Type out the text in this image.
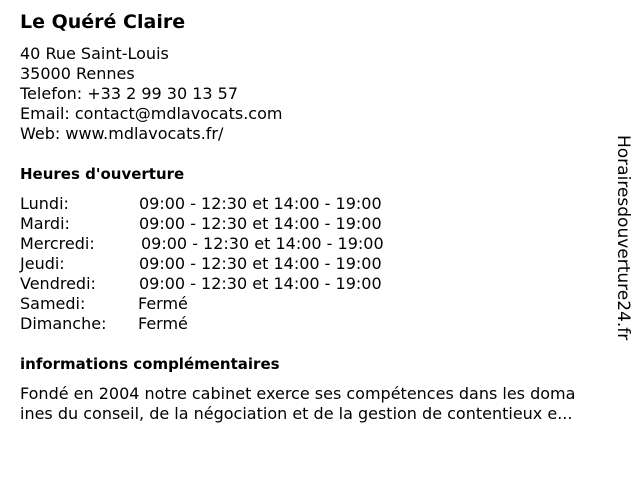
Le Quéré Claire
40 Rue Saint-Louis
35000 Rennes
Telefon: +33 2 99 30 13 57
Email: contact@mdlavocats.com
Web: www.mdlavocats.fr/
Heures d'ouverture
Lundi:	09:00 - 12:30 et 14:00 - 19:00
Mardi:	09:00 - 12:30 et 14:00 - 19:00
Mercredi:	09:00 - 12:30 et 14:00 - 19:00
Jeudi:	09:00 - 12:30 et 14:00 - 19:00
Vendredi:	09:00 - 12:30 et 14:00 - 19:00
Samedi:	Fermé
Dimanche: Fermé
informations complémentaires
Fondé en 2004 notre cabinet exerce ses compétences dans les doma
ines du conseil, de la négociation et de la gestion de contentieux e...
Horairesdouverture24.fr
